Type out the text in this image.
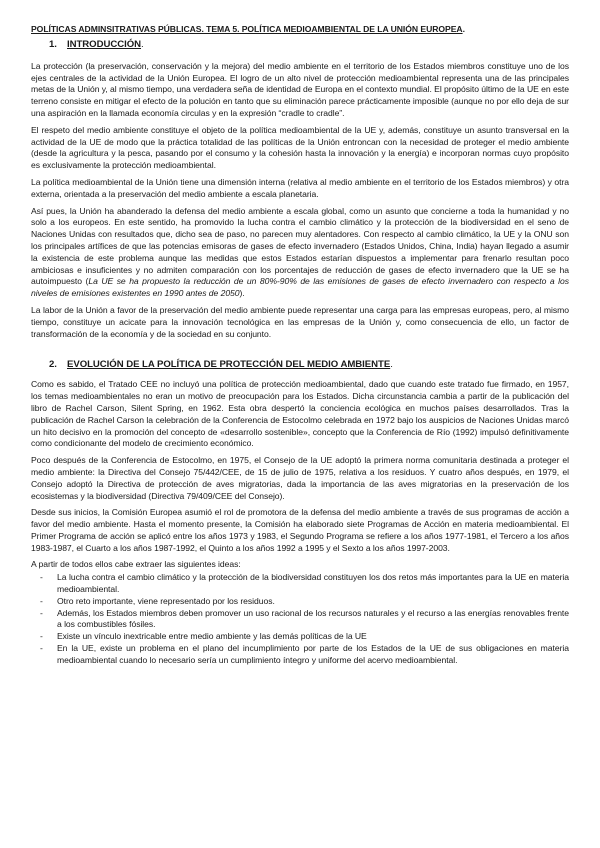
POLÍTICAS ADMINSITRATIVAS PÚBLICAS. TEMA 5. POLÍTICA MEDIOAMBIENTAL DE LA UNIÓN EUROPEA.
1. INTRODUCCIÓN.

La protección (la preservación, conservación y la mejora) del medio ambiente en el territorio de los Estados miembros constituye uno de los ejes centrales de la actividad de la Unión Europea. El logro de un alto nivel de protección medioambiental representa una de las principales metas de la Unión y, al mismo tiempo, una verdadera seña de identidad de Europa en el contexto mundial. El propósito último de la UE en este terreno consiste en mitigar el efecto de la polución en tanto que su eliminación parece prácticamente imposible (aunque no por ello deja de sur una aspiración en la llamada economía circulas y en la expresión “cradle to cradle”.

El respeto del medio ambiente constituye el objeto de la política medioambiental de la UE y, además, constituye un asunto transversal en la actividad de la UE de modo que la práctica totalidad de las políticas de la Unión entroncan con la necesidad de proteger el medio ambiente (desde la agricultura y la pesca, pasando por el consumo y la cohesión hasta la innovación y la energía) e incorporan normas cuyo propósito es exclusivamente la protección medioambiental.

La política medioambiental de la Unión tiene una dimensión interna (relativa al medio ambiente en el territorio de los Estados miembros) y otra externa, orientada a la preservación del medio ambiente a escala planetaria.

Así pues, la Unión ha abanderado la defensa del medio ambiente a escala global, como un asunto que concierne a toda la humanidad y no solo a los europeos. En este sentido, ha promovido la lucha contra el cambio climático y la protección de la biodiversidad en el seno de Naciones Unidas con resultados que, dicho sea de paso, no parecen muy alentadores. Con respecto al cambio climático, la UE y la ONU son los principales artífices de que las potencias emisoras de gases de efecto invernadero (Estados Unidos, China, India) hayan llegado a asumir la existencia de este problema aunque las medidas que estos Estados estarían dispuestos a implementar para frenarlo resultan poco ambiciosas e insuficientes y no admiten comparación con los porcentajes de reducción de gases de efecto invernadero que la UE se ha autoimpuesto (La UE se ha propuesto la reducción de un 80%-90% de las emisiones de gases de efecto invernadero con respecto a los niveles de emisiones existentes en 1990 antes de 2050).

La labor de la Unión a favor de la preservación del medio ambiente puede representar una carga para las empresas europeas, pero, al mismo tiempo, constituye un acicate para la innovación tecnológica en las empresas de la Unión y, como consecuencia de ello, un factor de transformación de la economía y de la sociedad en su conjunto.

2. EVOLUCIÓN DE LA POLÍTICA DE PROTECCIÓN DEL MEDIO AMBIENTE.

Como es sabido, el Tratado CEE no incluyó una política de protección medioambiental, dado que cuando este tratado fue firmado, en 1957, los temas medioambientales no eran un motivo de preocupación para los Estados. Dicha circunstancia cambia a partir de la publicación del libro de Rachel Carson, Silent Spring, en 1962. Esta obra despertó la conciencia ecológica en muchos países desarrollados. Tras la publicación de Rachel Carson la celebración de la Conferencia de Estocolmo celebrada en 1972 bajo los auspicios de Naciones Unidas marcó un hito decisivo en la promoción del concepto de «desarrollo sostenible», concepto que la Conferencia de Río (1992) impulsó definitivamente como condicionante del modelo de crecimiento económico.

Poco después de la Conferencia de Estocolmo, en 1975, el Consejo de la UE adoptó la primera norma comunitaria destinada a proteger el medio ambiente: la Directiva del Consejo 75/442/CEE, de 15 de julio de 1975, relativa a los residuos. Y cuatro años después, en 1979, el Consejo adoptó la Directiva de protección de aves migratorias, dada la importancia de las aves migratorias en la preservación de los ecosistemas y la biodiversidad (Directiva 79/409/CEE del Consejo).

Desde sus inicios, la Comisión Europea asumió el rol de promotora de la defensa del medio ambiente a través de sus programas de acción a favor del medio ambiente. Hasta el momento presente, la Comisión ha elaborado siete Programas de Acción en materia medioambiental. El Primer Programa de acción se aplicó entre los años 1973 y 1983, el Segundo Programa se refiere a los años 1977-1981, el Tercero a los años 1983-1987, el Cuarto a los años 1987-1992, el Quinto a los años 1992 a 1995 y el Sexto a los años 1997-2003.

A partir de todos ellos cabe extraer las siguientes ideas:

- La lucha contra el cambio climático y la protección de la biodiversidad constituyen los dos retos más importantes para la UE en materia medioambiental.
- Otro reto importante, viene representado por los residuos.
- Además, los Estados miembros deben promover un uso racional de los recursos naturales y el recurso a las energías renovables frente a los combustibles fósiles.
- Existe un vínculo inextricable entre medio ambiente y las demás políticas de la UE
- En la UE, existe un problema en el plano del incumplimiento por parte de los Estados de la UE de sus obligaciones en materia medioambiental cuando lo necesario sería un cumplimiento íntegro y uniforme del acervo medioambiental.
